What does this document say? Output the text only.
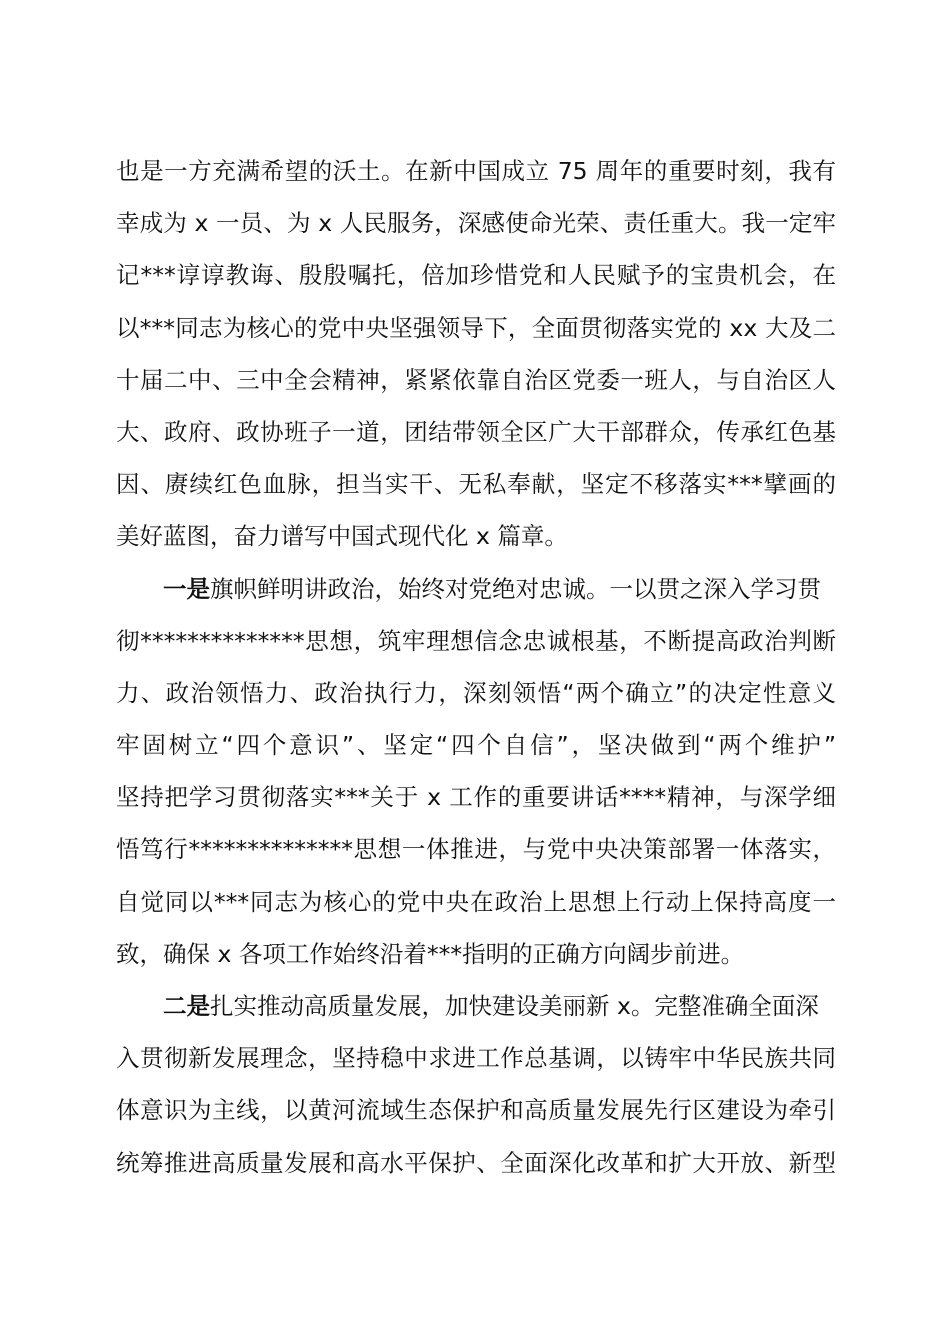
也是一方充满希望的沃土。在新中国成立 75 周年的重要时刻，我有
幸成为 x 一员、为 x 人民服务，深感使命光荣、责任重大。我一定牢
记***谆谆教诲、殷殷嘱托，倍加珍惜党和人民赋予的宝贵机会，在
以***同志为核心的党中央坚强领导下，全面贯彻落实党的 xx 大及二
十届二中、三中全会精神，紧紧依靠自治区党委一班人，与自治区人
大、政府、政协班子一道，团结带领全区广大干部群众，传承红色基
因、赓续红色血脉，担当实干、无私奉献，坚定不移落实***擘画的
美好蓝图，奋力谱写中国式现代化 x 篇章。
一是旗帜鲜明讲政治，始终对党绝对忠诚。一以贯之深入学习贯
彻**************思想，筑牢理想信念忠诚根基，不断提高政治判断
力、政治领悟力、政治执行力，深刻领悟“两个确立”的决定性意义
牢固树立“四个意识”、坚定“四个自信”，坚决做到“两个维护”
坚持把学习贯彻落实***关于 x 工作的重要讲话****精神，与深学细
悟笃行**************思想一体推进，与党中央决策部署一体落实，
自觉同以***同志为核心的党中央在政治上思想上行动上保持高度一
致，确保 x 各项工作始终沿着***指明的正确方向阔步前进。
二是扎实推动高质量发展，加快建设美丽新 x。完整准确全面深
入贯彻新发展理念，坚持稳中求进工作总基调，以铸牢中华民族共同
体意识为主线，以黄河流域生态保护和高质量发展先行区建设为牵引
统筹推进高质量发展和高水平保护、全面深化改革和扩大开放、新型
